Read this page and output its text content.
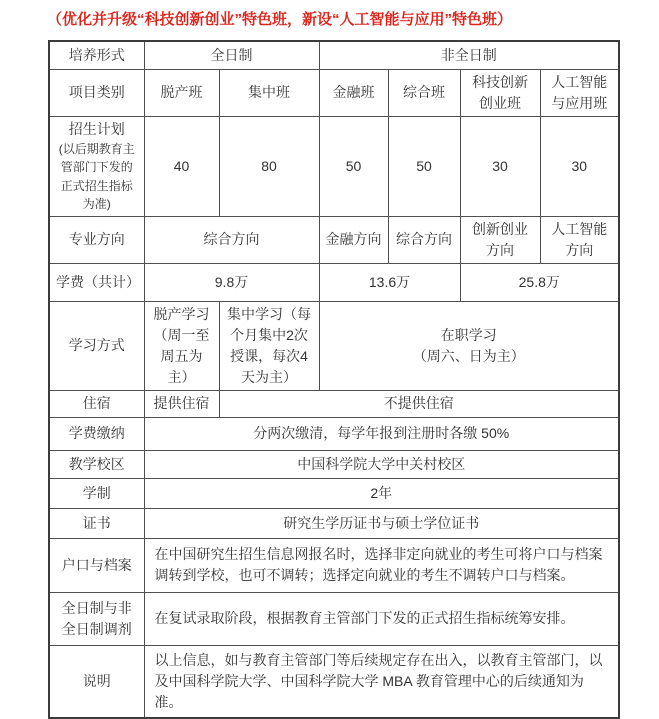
（优化并升级“科技创新创业”特色班，新设“人工智能与应用”特色班）
培养形式	全日制		非全日制			
项目类别	脱产班	集中班	金融班	综合班	科技创新创业班	人工智能与应用班

招生计划
(以后期教育主管部门下发的正式招生指标为准)	40	80	50	50	30	30
专业方向	综合方向		金融方向	综合方向	创新创业方向	人工智能方向
学费（共计）	9.8万		13.6万		25.8万	
学习方式	脱产学习（周一至周五为主）	集中学习（每个月集中2次授课，每次4天为主）	在职学习
（周六、日为主）			

住宿	提供住宿	不提供住宿				
学费缴纳	分两次缴清，每学年报到注册时各缴 50%					
教学校区	中国科学院大学中关村校区					
学制	2年					
证书	研究生学历证书与硕士学位证书					
户口与档案	在中国研究生招生信息网报名时，选择非定向就业的考生可将户口与档案调转到学校，也可不调转；选择定向就业的考生不调转户口与档案。					
全日制与非全日制调剂	在复试录取阶段，根据教育主管部门下发的正式招生指标统筹安排。					
说明	以上信息，如与教育主管部门等后续规定存在出入，以教育主管部门，以及中国科学院大学、中国科学院大学 MBA 教育管理中心的后续通知为准。					
